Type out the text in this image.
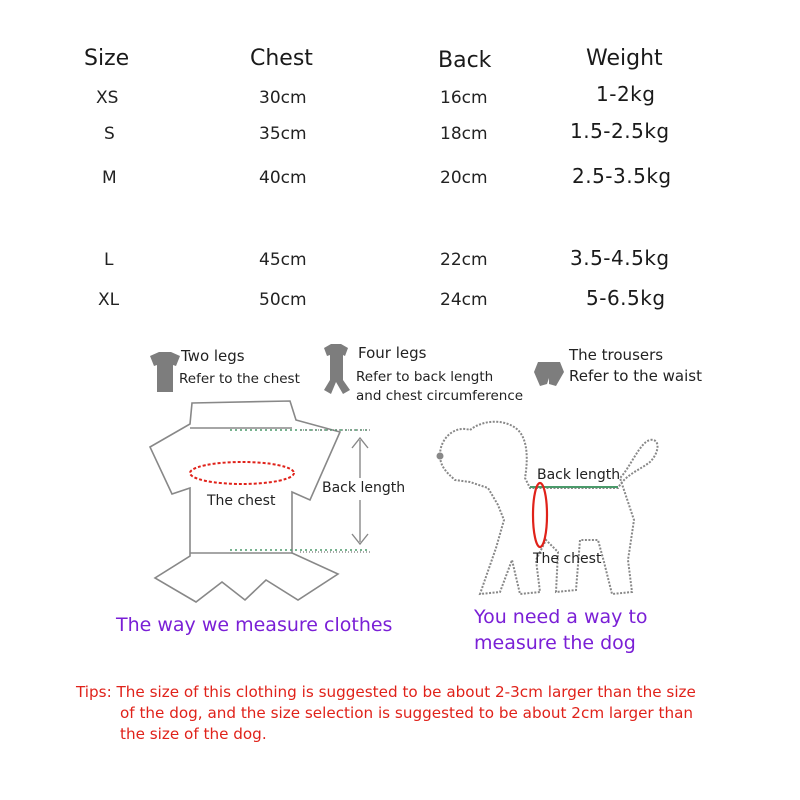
Size	Chest	Back	Weight
XS	30cm	16cm	1-2kg
S	35cm	18cm	1.5-2.5kg
M	40cm	20cm	2.5-3.5kg
L	45cm	22cm	3.5-4.5kg
XL	50cm	24cm	5-6.5kg
Two legs
Refer to the chest
Four legs
Refer to back length
and chest circumference
The trousers
Refer to the waist
The chest
Back length
The way we measure clothes
Back length
The chest
You need a way to
measure the dog
Tips: The size of this clothing is suggested to be about 2-3cm larger than the size
of the dog, and the size selection is suggested to be about 2cm larger than
the size of the dog.
